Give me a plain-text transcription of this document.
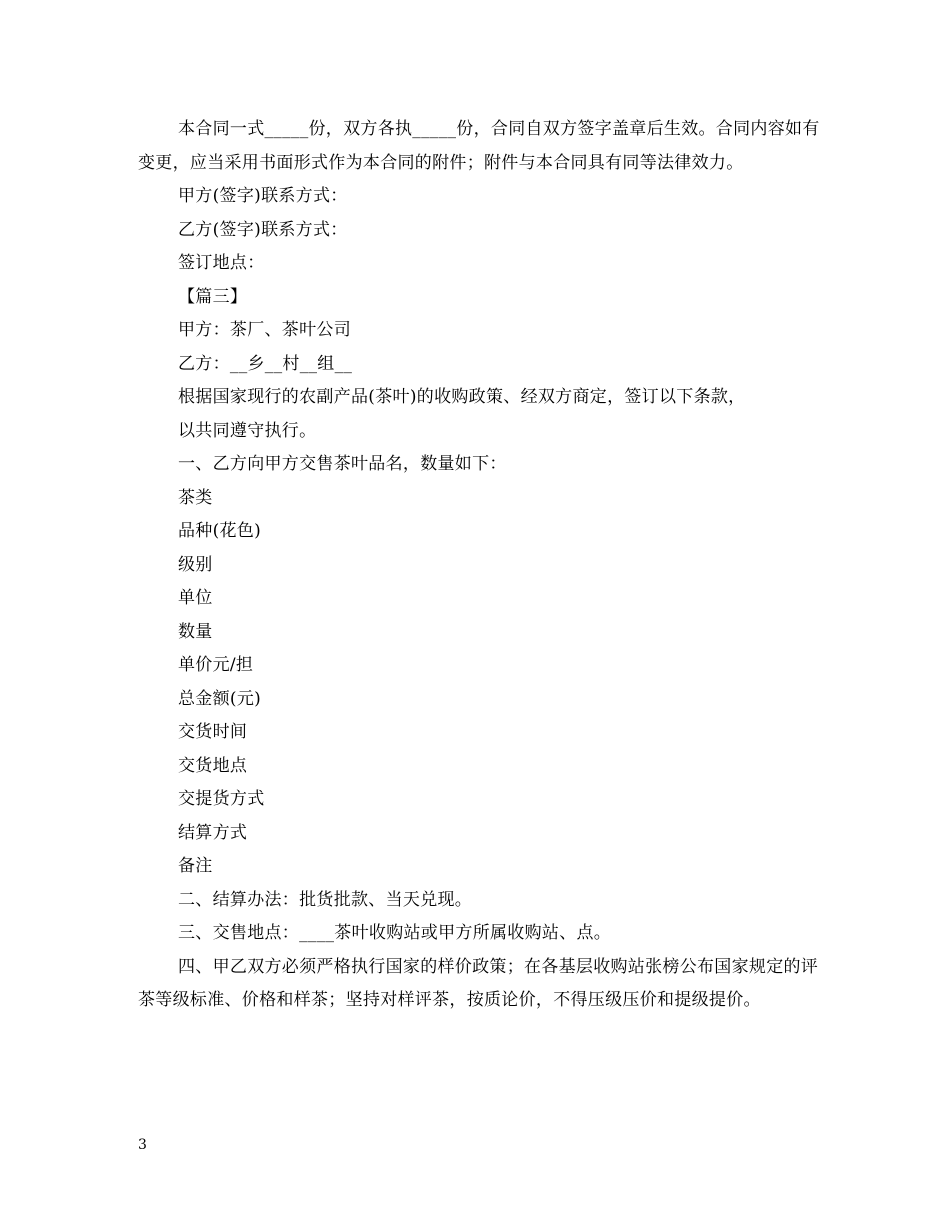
本合同一式_____份，双方各执_____份，合同自双方签字盖章后生效。合同内容如有变更，应当采用书面形式作为本合同的附件；附件与本合同具有同等法律效力。

甲方(签字)联系方式：

乙方(签字)联系方式：

签订地点：

【篇三】

甲方：茶厂、茶叶公司

乙方：__乡__村__组__

根据国家现行的农副产品(茶叶)的收购政策、经双方商定，签订以下条款，

以共同遵守执行。

一、乙方向甲方交售茶叶品名，数量如下：

茶类

品种(花色)

级别

单位

数量

单价元/担

总金额(元)

交货时间

交货地点

交提货方式

结算方式

备注

二、结算办法：批货批款、当天兑现。

三、交售地点：____茶叶收购站或甲方所属收购站、点。

四、甲乙双方必须严格执行国家的样价政策；在各基层收购站张榜公布国家规定的评茶等级标准、价格和样茶；坚持对样评茶，按质论价，不得压级压价和提级提价。

3
